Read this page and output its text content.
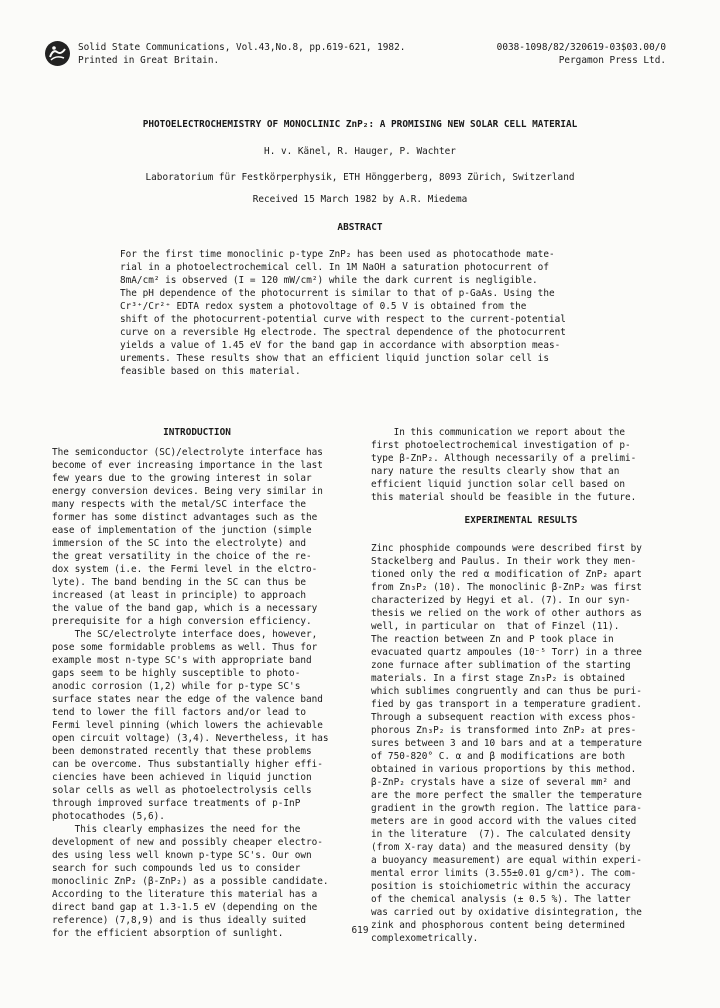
Solid State Communications, Vol.43,No.8, pp.619-621, 1982.
Printed in Great Britain.
0038-1098/82/320619-03$03.00/0
Pergamon Press Ltd.
PHOTOELECTROCHEMISTRY OF MONOCLINIC ZnP₂: A PROMISING NEW SOLAR CELL MATERIAL
H. v. Känel, R. Hauger, P. Wachter
Laboratorium für Festkörperphysik, ETH Hönggerberg, 8093 Zürich, Switzerland
Received 15 March 1982 by A.R. Miedema
ABSTRACT
For the first time monoclinic p-type ZnP₂ has been used as photocathode mate-
rial in a photoelectrochemical cell. In 1M NaOH a saturation photocurrent of
8mA/cm² is observed (I = 120 mW/cm²) while the dark current is negligible.
The pH dependence of the photocurrent is similar to that of p-GaAs. Using the
Cr³⁺/Cr²⁺ EDTA redox system a photovoltage of 0.5 V is obtained from the
shift of the photocurrent-potential curve with respect to the current-potential
curve on a reversible Hg electrode. The spectral dependence of the photocurrent
yields a value of 1.45 eV for the band gap in accordance with absorption meas-
urements. These results show that an efficient liquid junction solar cell is
feasible based on this material.
INTRODUCTION
The semiconductor (SC)/electrolyte interface has
become of ever increasing importance in the last
few years due to the growing interest in solar
energy conversion devices. Being very similar in
many respects with the metal/SC interface the
former has some distinct advantages such as the
ease of implementation of the junction (simple
immersion of the SC into the electrolyte) and
the great versatility in the choice of the re-
dox system (i.e. the Fermi level in the elctro-
lyte). The band bending in the SC can thus be
increased (at least in principle) to approach
the value of the band gap, which is a necessary
prerequisite for a high conversion efficiency.
The SC/electrolyte interface does, however,
pose some formidable problems as well. Thus for
example most n-type SC's with appropriate band
gaps seem to be highly susceptible to photo-
anodic corrosion (1,2) while for p-type SC's
surface states near the edge of the valence band
tend to lower the fill factors and/or lead to
Fermi level pinning (which lowers the achievable
open circuit voltage) (3,4). Nevertheless, it has
been demonstrated recently that these problems
can be overcome. Thus substantially higher effi-
ciencies have been achieved in liquid junction
solar cells as well as photoelectrolysis cells
through improved surface treatments of p-InP
photocathodes (5,6).
This clearly emphasizes the need for the
development of new and possibly cheaper electro-
des using less well known p-type SC's. Our own
search for such compounds led us to consider
monoclinic ZnP₂ (β-ZnP₂) as a possible candidate.
According to the literature this material has a
direct band gap at 1.3-1.5 eV (depending on the
reference) (7,8,9) and is thus ideally suited
for the efficient absorption of sunlight.
In this communication we report about the
first photoelectrochemical investigation of p-
type β-ZnP₂. Although necessarily of a prelimi-
nary nature the results clearly show that an
efficient liquid junction solar cell based on
this material should be feasible in the future.
EXPERIMENTAL RESULTS
Zinc phosphide compounds were described first by
Stackelberg and Paulus. In their work they men-
tioned only the red α modification of ZnP₂ apart
from Zn₃P₂ (10). The monoclinic β-ZnP₂ was first
characterized by Hegyi et al. (7). In our syn-
thesis we relied on the work of other authors as
well, in particular on  that of Finzel (11).
The reaction between Zn and P took place in
evacuated quartz ampoules (10⁻⁵ Torr) in a three
zone furnace after sublimation of the starting
materials. In a first stage Zn₃P₂ is obtained
which sublimes congruently and can thus be puri-
fied by gas transport in a temperature gradient.
Through a subsequent reaction with excess phos-
phorous Zn₃P₂ is transformed into ZnP₂ at pres-
sures between 3 and 10 bars and at a temperature
of 750-820° C. α and β modifications are both
obtained in various proportions by this method.
β-ZnP₂ crystals have a size of several mm² and
are the more perfect the smaller the temperature
gradient in the growth region. The lattice para-
meters are in good accord with the values cited
in the literature  (7). The calculated density
(from X-ray data) and the measured density (by
a buoyancy measurement) are equal within experi-
mental error limits (3.55±0.01 g/cm³). The com-
position is stoichiometric within the accuracy
of the chemical analysis (± 0.5 %). The latter
was carried out by oxidative disintegration, the
zink and phosphorous content being determined
complexometrically.
619
